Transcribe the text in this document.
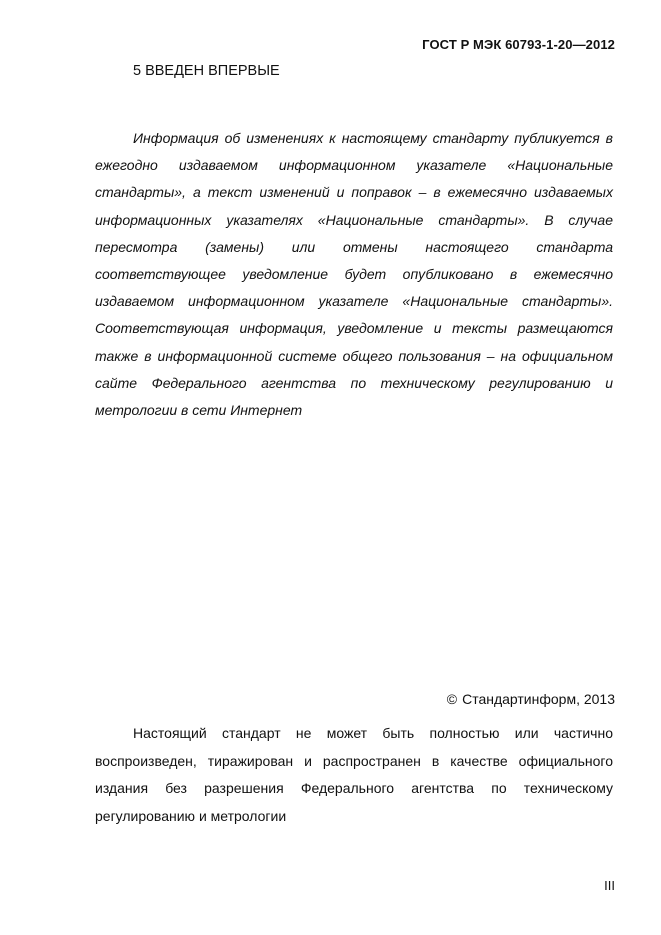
ГОСТ Р МЭК 60793-1-20—2012
5 ВВЕДЕН ВПЕРВЫЕ

Информация об изменениях к настоящему стандарту публикуется в ежегодно издаваемом информационном указателе «Национальные стандарты», а текст изменений и поправок – в ежемесячно издаваемых информационных указателях «Национальные стандарты». В случае пересмотра (замены) или отмены настоящего стандарта соответствующее уведомление будет опубликовано в ежемесячно издаваемом информационном указателе «Национальные стандарты». Соответствующая информация, уведомление и тексты размещаются также в информационной системе общего пользования – на официальном сайте Федерального агентства по техническому регулированию и метрологии в сети Интернет

© Стандартинформ, 2013

Настоящий стандарт не может быть полностью или частично воспроизведен, тиражирован и распространен в качестве официального издания без разрешения Федерального агентства по техническому регулированию и метрологии

III
